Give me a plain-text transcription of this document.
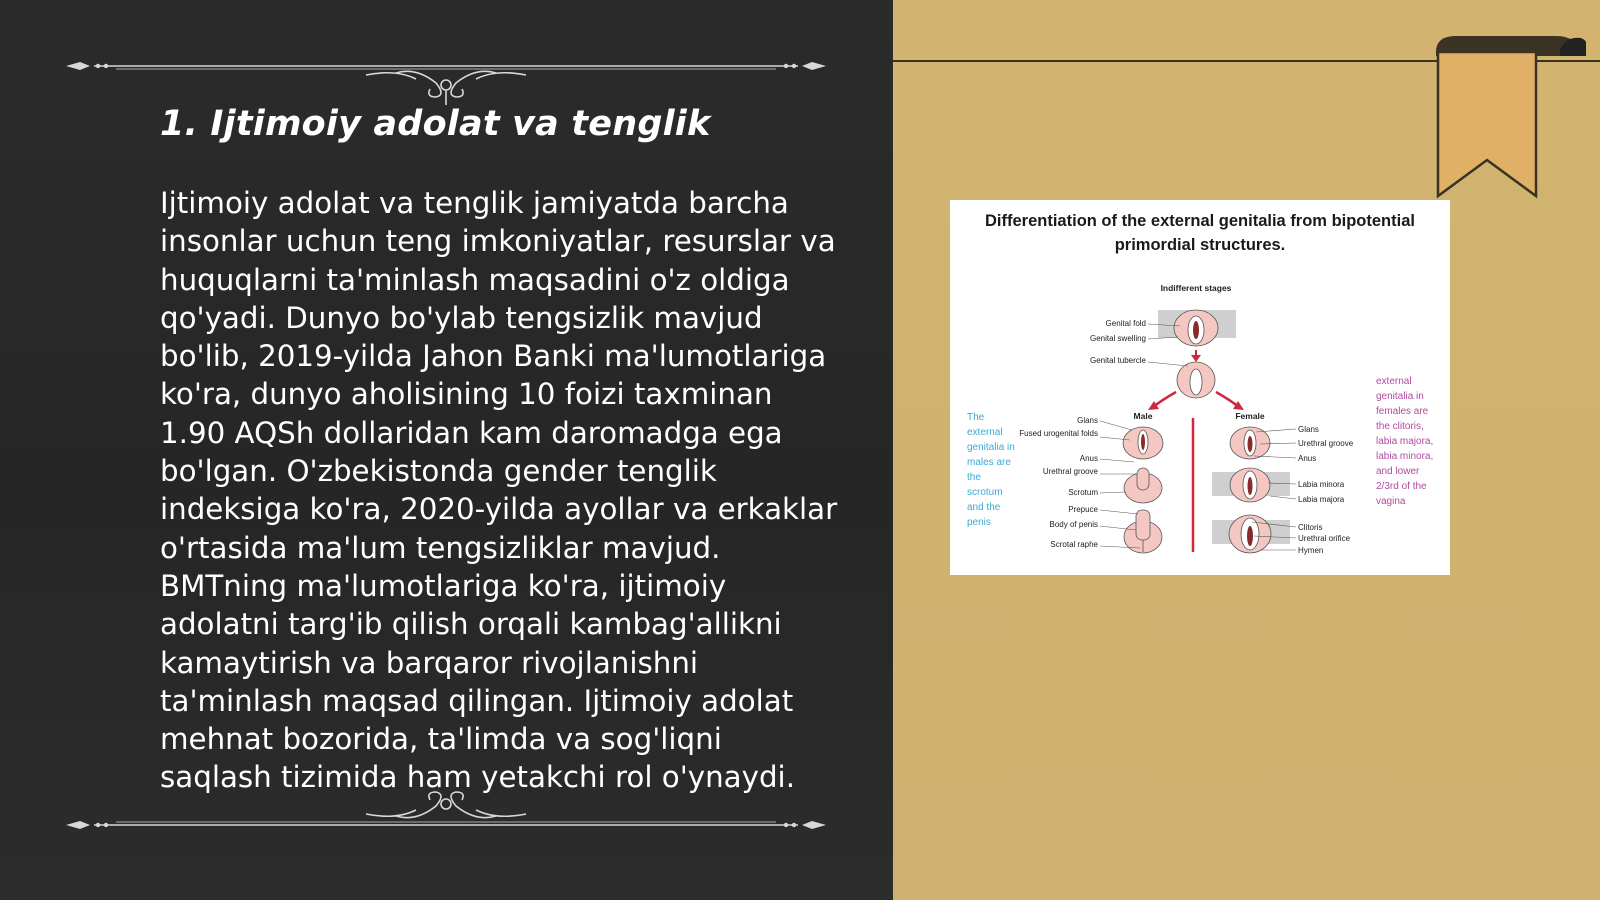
1. Ijtimoiy adolat va tenglik

Ijtimoiy adolat va tenglik jamiyatda barcha insonlar uchun teng imkoniyatlar, resurslar va huquqlarni ta'minlash maqsadini o'z oldiga qo'yadi. Dunyo bo'ylab tengsizlik mavjud bo'lib, 2019-yilda Jahon Banki ma'lumotlariga ko'ra, dunyo aholisining 10 foizi taxminan 1.90 AQSh dollaridan kam daromadga ega bo'lgan. O'zbekistonda gender tenglik indeksiga ko'ra, 2020-yilda ayollar va erkaklar o'rtasida ma'lum tengsizliklar mavjud. BMTning ma'lumotlariga ko'ra, ijtimoiy adolatni targ'ib qilish orqali kambag'allikni kamaytirish va barqaror rivojlanishni ta'minlash maqsad qilingan. Ijtimoiy adolat mehnat bozorida, ta'limda va sog'liqni saqlash tizimida ham yetakchi rol o'ynaydi.

Differentiation of the external genitalia from bipotential primordial structures.

Indifferent stages
Genital fold
Genital swelling
Genital tubercle
Male	Female
Glans
Fused urogenital folds
Anus
Urethral groove
Scrotum
Prepuce
Body of penis
Scrotal raphe
Glans
Urethral groove
Anus
Labia minora
Labia majora
Clitoris
Urethral orifice
Hymen
The external genitalia in males are the scrotum and the penis
external genitalia in females are the clitoris, labia majora, labia minora, and lower 2/3rd of the vagina
